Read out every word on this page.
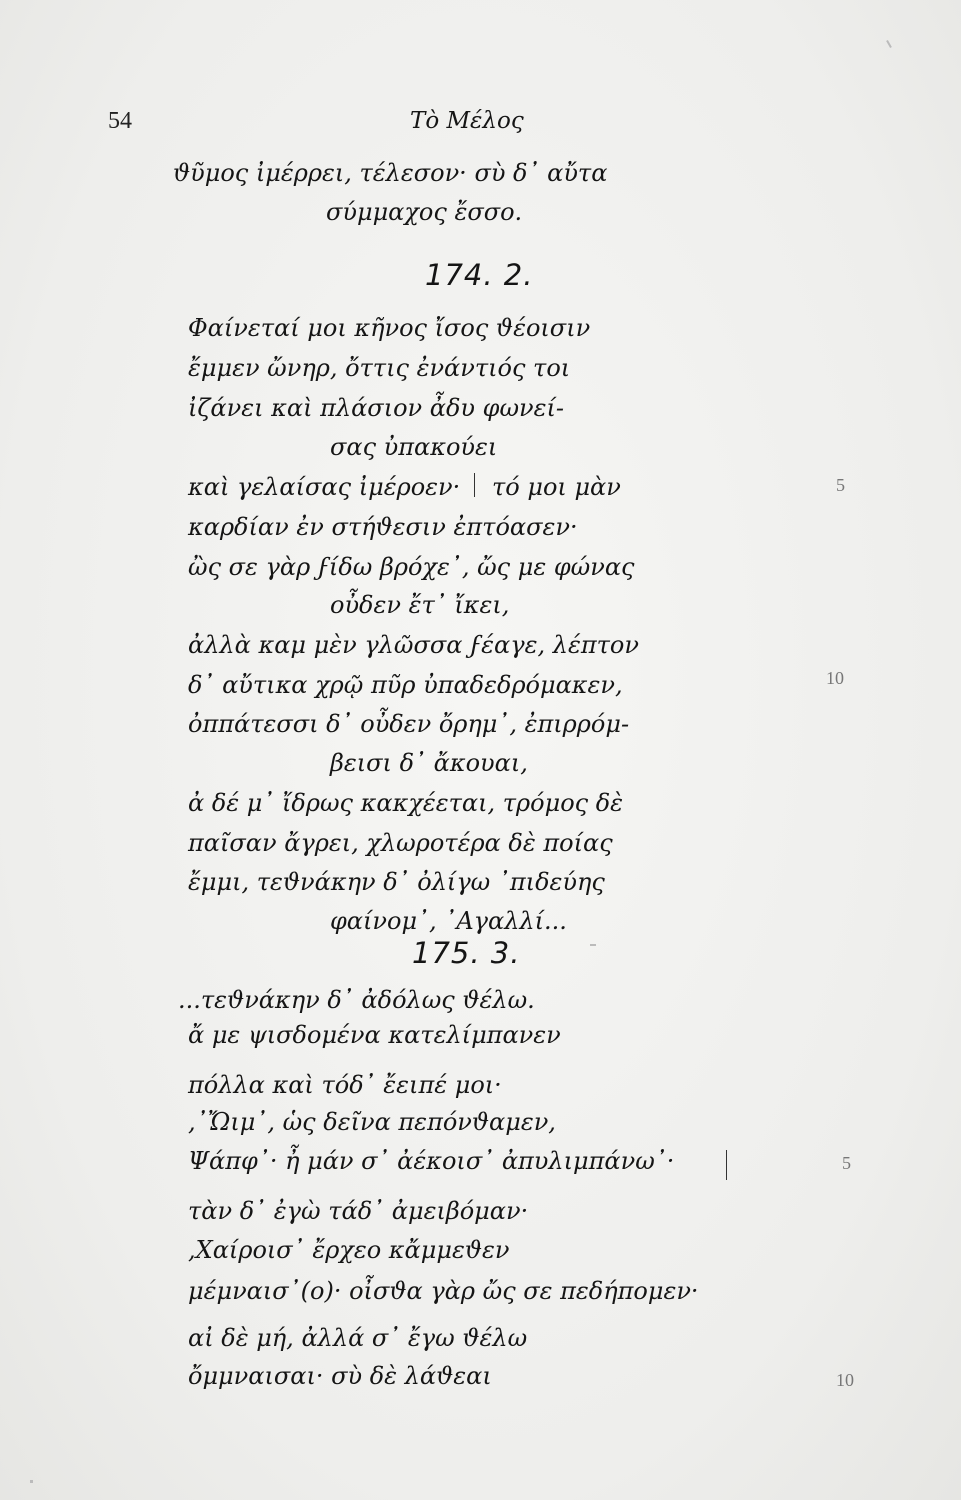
54	Τὸ Μέλος
ϑῦμος ἰμέρρει, τέλεσον· σὺ δ᾽ αὔτα
σύμμαχος ἔσσο.
174. 2.
Φαίνεταί μοι κῆνος ἴσος ϑέοισιν
ἔμμεν ὤνηρ, ὄττις ἐνάντιός τοι
ἰζάνει καὶ πλάσιον ἆδυ φωνεί-
σας ὐπακούει
καὶ γελαίσας ἰμέροεν· τό μοι μὰν
καρδίαν ἐν στήϑεσιν ἐπτόασεν·
ὢς σε γὰρ ϝίδω βρόχε᾽, ὤς με φώνας
οὖδεν ἔτ᾽ ἴκει,
ἀλλὰ καμ μὲν γλῶσσα ϝέαγε, λέπτον
δ᾽ αὔτικα χρῷ πῦρ ὐπαδεδρόμακεν,
ὀππάτεσσι δ᾽ οὖδεν ὄρημ᾽, ἐπιρρόμ-
βεισι δ᾽ ἄκουαι,
ἀ δέ μ᾽ ἴδρως κακχέεται, τρόμος δὲ
παῖσαν ἄγρει, χλωροτέρα δὲ ποίας
ἔμμι, τεϑνάκην δ᾽ ὀλίγω ᾽πιδεύης
φαίνομ᾽, ᾽Αγαλλί...
175. 3.
...τεϑνάκην δ᾽ ἀδόλως ϑέλω.
ἄ με ψισδομένα κατελίμπανεν
πόλλα καὶ τόδ᾽ ἔειπέ μοι·
,᾽Ὤιμ᾽, ὡς δεῖνα πεπόνϑαμεν,
Ψάπφ᾽· ἦ μάν σ᾽ ἀέκοισ᾽ ἀπυλιμπάνω᾽·
τὰν δ᾽ ἐγὼ τάδ᾽ ἀμειβόμαν·
,Χαίροισ᾽ ἔρχεο κἄμμεϑεν
μέμναισ᾽(ο)· οἶσϑα γὰρ ὤς σε πεδήπομεν·
αἰ δὲ μή, ἀλλά σ᾽ ἔγω ϑέλω
ὄμμναισαι· σὺ δὲ λάϑεαι
5
10
5
10
